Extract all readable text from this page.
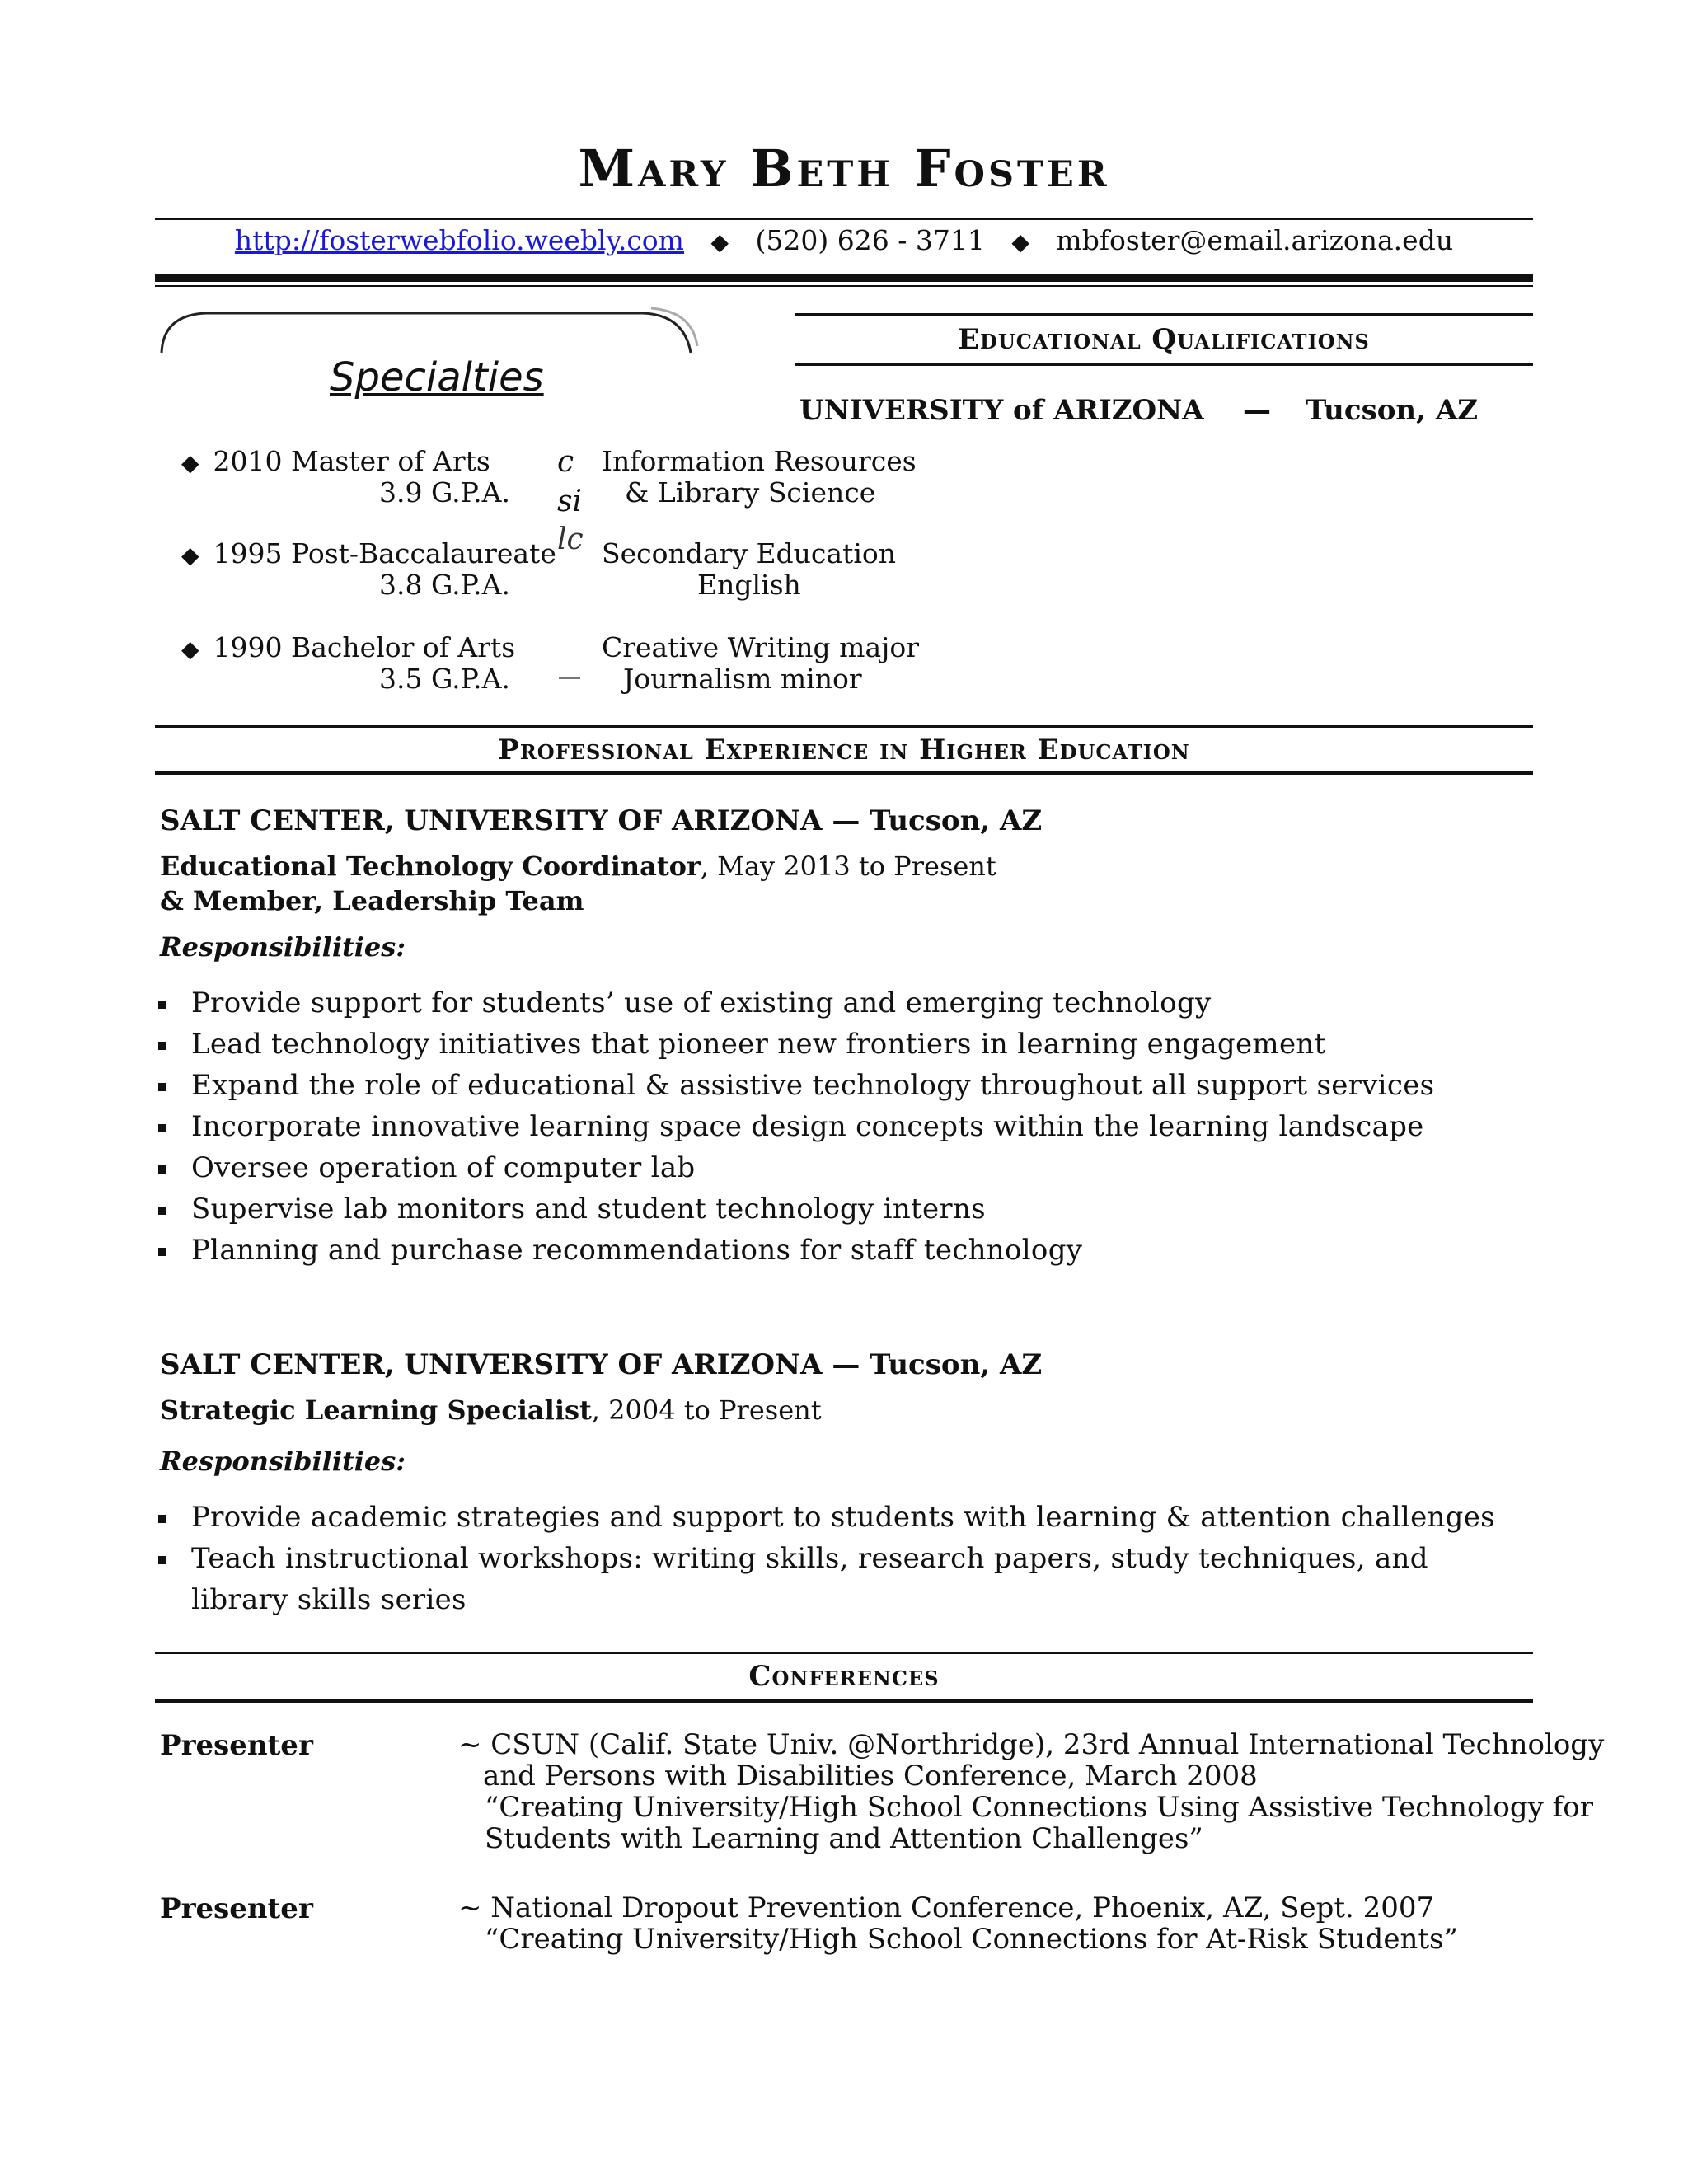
Mary Beth Foster
http://fosterwebfolio.weebly.com ◆ (520) 626 - 3711 ◆ mbfoster@email.arizona.edu
Specialties
◆ 2010 Master of Arts
3.9 G.P.A.
Information Resources
& Library Science
◆ 1995 Post-Baccalaureate
3.8 G.P.A.
Secondary Education
English
◆ 1990 Bachelor of Arts
3.5 G.P.A.
Creative Writing major
Journalism minor
c
si
lc
Educational Qualifications
UNIVERSITY of ARIZONA — Tucson, AZ
Professional Experience in Higher Education
SALT CENTER, UNIVERSITY OF ARIZONA — Tucson, AZ
Educational Technology Coordinator, May 2013 to Present
& Member, Leadership Team
Responsibilities:
Provide support for students’ use of existing and emerging technology
Lead technology initiatives that pioneer new frontiers in learning engagement
Expand the role of educational & assistive technology throughout all support services
Incorporate innovative learning space design concepts within the learning landscape
Oversee operation of computer lab
Supervise lab monitors and student technology interns
Planning and purchase recommendations for staff technology
SALT CENTER, UNIVERSITY OF ARIZONA — Tucson, AZ
Strategic Learning Specialist, 2004 to Present
Responsibilities:
Provide academic strategies and support to students with learning & attention challenges
Teach instructional workshops: writing skills, research papers, study techniques, and
library skills series
Conferences
Presenter	~ CSUN (Calif. State Univ. @Northridge), 23rd Annual International Technology
and Persons with Disabilities Conference, March 2008
“Creating University/High School Connections Using Assistive Technology for
Students with Learning and Attention Challenges”
Presenter	~ National Dropout Prevention Conference, Phoenix, AZ, Sept. 2007
“Creating University/High School Connections for At-Risk Students”
